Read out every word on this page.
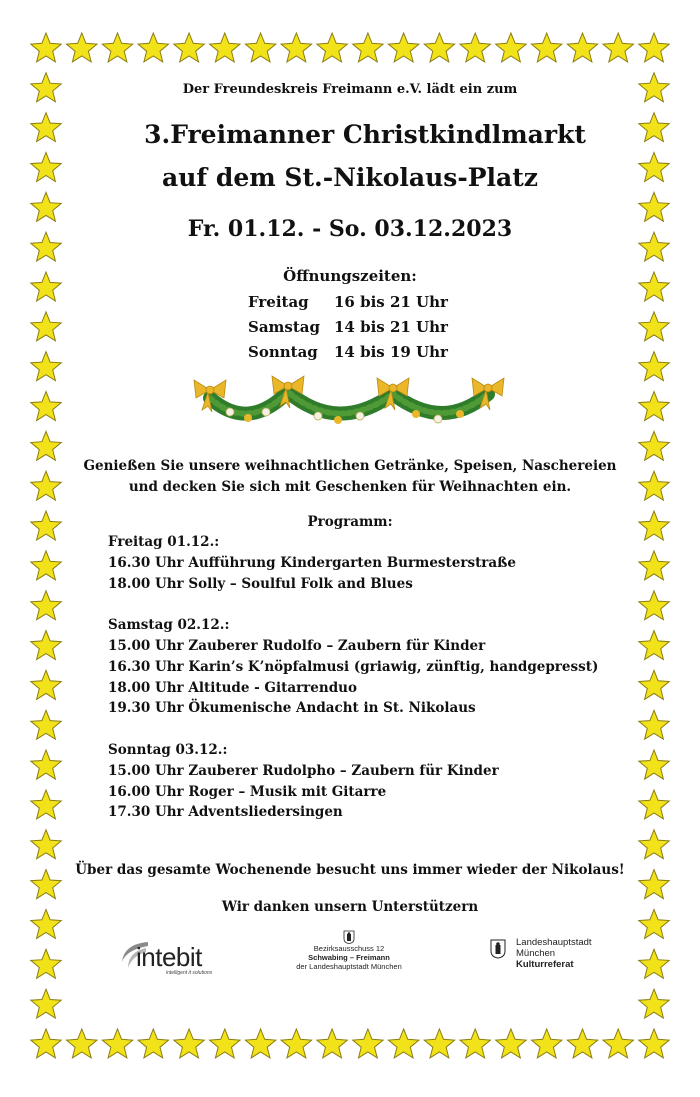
Der Freundeskreis Freimann e.V. lädt ein zum

3.Freimanner Christkindlmarkt

auf dem St.-Nikolaus-Platz

Fr. 01.12. - So. 03.12.2023

Öffnungszeiten:

Freitag	16 bis 21 Uhr
Samstag 14 bis 21 Uhr
Sonntag	14 bis 19 Uhr

Genießen Sie unsere weihnachtlichen Getränke, Speisen, Naschereien
und decken Sie sich mit Geschenken für Weihnachten ein.

Programm:

Freitag 01.12.:
16.30 Uhr Aufführung Kindergarten Burmesterstraße
18.00 Uhr Solly – Soulful Folk and Blues
Samstag 02.12.:
15.00 Uhr Zauberer Rudolfo – Zaubern für Kinder
16.30 Uhr Karin’s K’nöpfalmusi (griawig, zünftig, handgepresst)
18.00 Uhr Altitude - Gitarrenduo
19.30 Uhr Ökumenische Andacht in St. Nikolaus
Sonntag 03.12.:
15.00 Uhr Zauberer Rudolpho – Zaubern für Kinder
16.00 Uhr Roger – Musik mit Gitarre
17.30 Uhr Adventsliedersingen

Über das gesamte Wochenende besucht uns immer wieder der Nikolaus!

Wir danken unsern Unterstützern

intebit
intelligent it solutions
Bezirksausschuss 12
Schwabing – Freimann
der Landeshauptstadt München
Landeshauptstadt
München
Kulturreferat
